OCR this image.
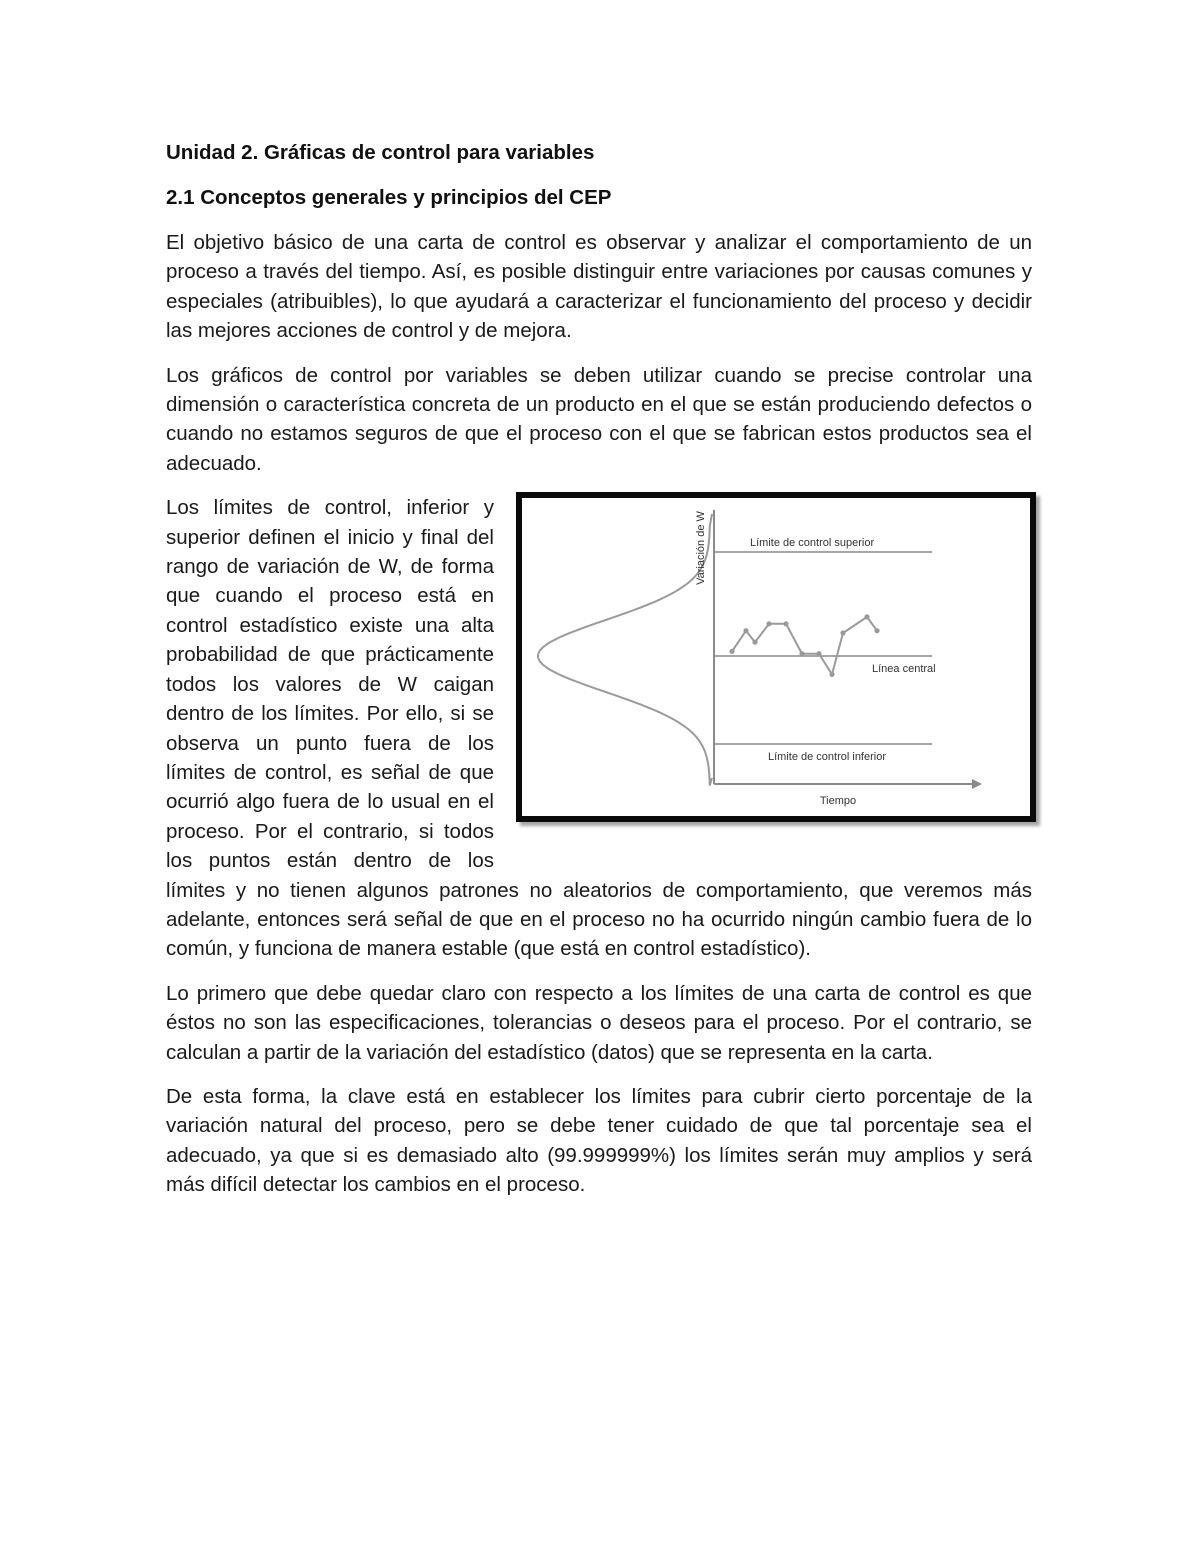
Unidad 2. Gráficas de control para variables
2.1 Conceptos generales y principios del CEP

El objetivo básico de una carta de control es observar y analizar el comportamiento de un proceso a través del tiempo. Así, es posible distinguir entre variaciones por causas comunes y especiales (atribuibles), lo que ayudará a caracterizar el funcionamiento del proceso y decidir las mejores acciones de control y de mejora.

Los gráficos de control por variables se deben utilizar cuando se precise controlar una dimensión o característica concreta de un producto en el que se están produciendo defectos o cuando no estamos seguros de que el proceso con el que se fabrican estos productos sea el adecuado.

Límite de control superior
Línea central
Límite de control inferior
Tiempo
Variación de W

Los límites de control, inferior y superior definen el inicio y final del rango de variación de W, de forma que cuando el proceso está en control estadístico existe una alta probabilidad de que prácticamente todos los valores de W caigan dentro de los límites. Por ello, si se observa un punto fuera de los límites de control, es señal de que ocurrió algo fuera de lo usual en el proceso. Por el contrario, si todos los puntos están dentro de los límites y no tienen algunos patrones no aleatorios de comportamiento, que veremos más adelante, entonces será señal de que en el proceso no ha ocurrido ningún cambio fuera de lo común, y funciona de manera estable (que está en control estadístico).

Lo primero que debe quedar claro con respecto a los límites de una carta de control es que éstos no son las especificaciones, tolerancias o deseos para el proceso. Por el contrario, se calculan a partir de la variación del estadístico (datos) que se representa en la carta.

De esta forma, la clave está en establecer los límites para cubrir cierto porcentaje de la variación natural del proceso, pero se debe tener cuidado de que tal porcentaje sea el adecuado, ya que si es demasiado alto (99.999999%) los límites serán muy amplios y será más difícil detectar los cambios en el proceso.
